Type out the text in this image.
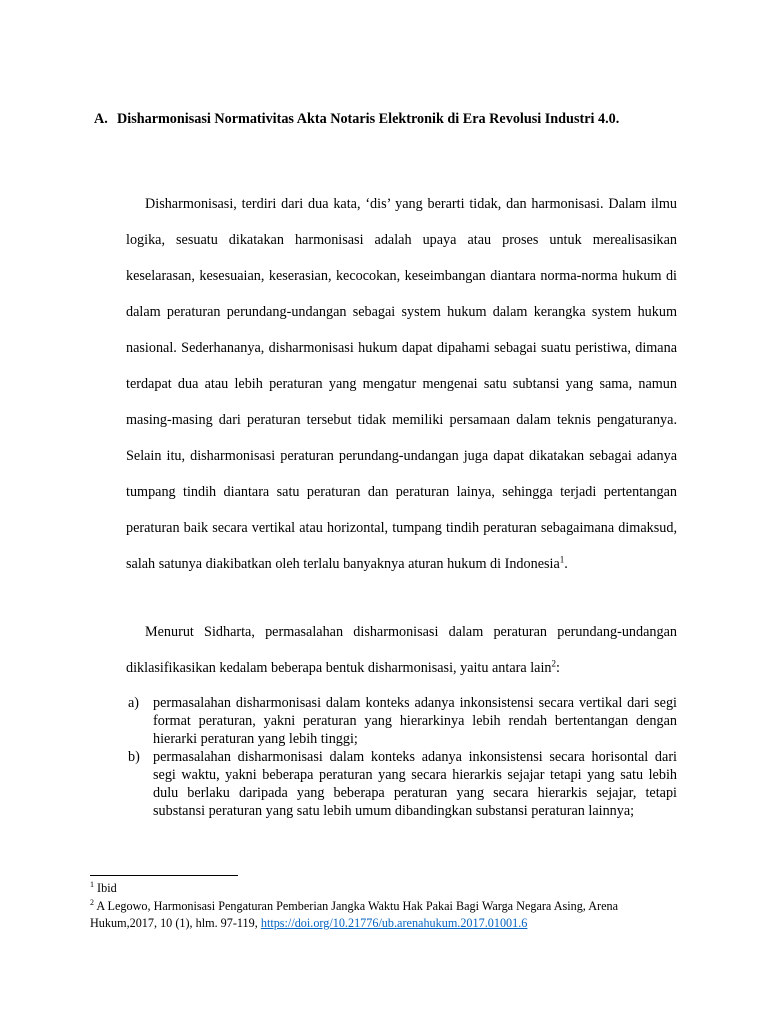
A. Disharmonisasi Normativitas Akta Notaris Elektronik di Era Revolusi Industri 4.0.

Disharmonisasi, terdiri dari dua kata, ‘dis’ yang berarti tidak, dan harmonisasi. Dalam ilmu logika, sesuatu dikatakan harmonisasi adalah upaya atau proses untuk merealisasikan keselarasan, kesesuaian, keserasian, kecocokan, keseimbangan diantara norma-norma hukum di dalam peraturan perundang-undangan sebagai system hukum dalam kerangka system hukum nasional. Sederhananya, disharmonisasi hukum dapat dipahami sebagai suatu peristiwa, dimana terdapat dua atau lebih peraturan yang mengatur mengenai satu subtansi yang sama, namun masing-masing dari peraturan tersebut tidak memiliki persamaan dalam teknis pengaturanya. Selain itu, disharmonisasi peraturan perundang-undangan juga dapat dikatakan sebagai adanya tumpang tindih diantara satu peraturan dan peraturan lainya, sehingga terjadi pertentangan peraturan baik secara vertikal atau horizontal, tumpang tindih peraturan sebagaimana dimaksud, salah satunya diakibatkan oleh terlalu banyaknya aturan hukum di Indonesia$^1$.

Menurut Sidharta, permasalahan disharmonisasi dalam peraturan perundang-undangan diklasifikasikan kedalam beberapa bentuk disharmonisasi, yaitu antara lain$^2$:

a) permasalahan disharmonisasi dalam konteks adanya inkonsistensi secara vertikal dari segi format peraturan, yakni peraturan yang hierarkinya lebih rendah bertentangan dengan hierarki peraturan yang lebih tinggi;
b) permasalahan disharmonisasi dalam konteks adanya inkonsistensi secara horisontal dari segi waktu, yakni beberapa peraturan yang secara hierarkis sejajar tetapi yang satu lebih dulu berlaku daripada yang beberapa peraturan yang secara hierarkis sejajar, tetapi substansi peraturan yang satu lebih umum dibandingkan substansi peraturan lainnya;
$^1$ Ibid
$^2$ A Legowo, Harmonisasi Pengaturan Pemberian Jangka Waktu Hak Pakai Bagi Warga Negara Asing, Arena Hukum,2017, 10 (1), hlm. 97-119, https://doi.org/10.21776/ub.arenahukum.2017.01001.6
